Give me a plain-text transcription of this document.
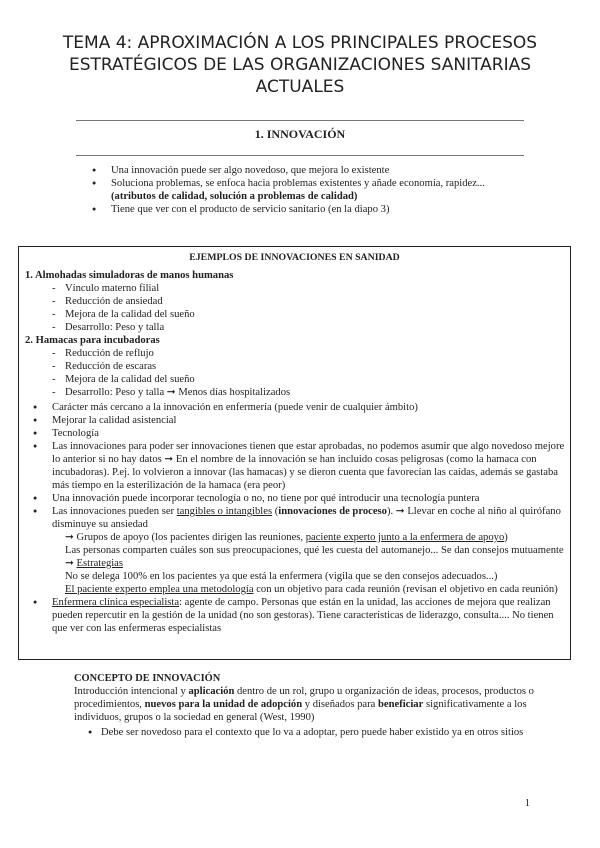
TEMA 4: APROXIMACIÓN A LOS PRINCIPALES PROCESOS
ESTRATÉGICOS DE LAS ORGANIZACIONES SANITARIAS
ACTUALES
1. INNOVACIÓN
● Una innovación puede ser algo novedoso, que mejora lo existente
● Soluciona problemas, se enfoca hacia problemas existentes y añade economía, rapidez...
(atributos de calidad, solución a problemas de calidad)
● Tiene que ver con el producto de servicio sanitario (en la diapo 3)
EJEMPLOS DE INNOVACIONES EN SANIDAD
1. Almohadas simuladoras de manos humanas
- Vínculo materno filial
- Reducción de ansiedad
- Mejora de la calidad del sueño
- Desarrollo: Peso y talla
2. Hamacas para incubadoras
- Reducción de reflujo
- Reducción de escaras
- Mejora de la calidad del sueño
- Desarrollo: Peso y talla ➞ Menos días hospitalizados
● Carácter más cercano a la innovación en enfermería (puede venir de cualquier ámbito)
● Mejorar la calidad asistencial
● Tecnología
● Las innovaciones para poder ser innovaciones tienen que estar aprobadas, no podemos asumir que algo novedoso mejore lo anterior si no hay datos ➞ En el nombre de la innovación se han incluido cosas peligrosas (como la hamaca con incubadoras). P.ej. lo volvieron a innovar (las hamacas) y se dieron cuenta que favorecían las caídas, además se gastaba más tiempo en la esterilización de la hamaca (era peor)
● Una innovación puede incorporar tecnología o no, no tiene por qué introducir una tecnología puntera
● Las innovaciones pueden ser tangibles o intangibles (innovaciones de proceso). ➞ Llevar en coche al niño al quirófano disminuye su ansiedad
➞ Grupos de apoyo (los pacientes dirigen las reuniones, paciente experto junto a la enfermera de apoyo)
Las personas comparten cuáles son sus preocupaciones, qué les cuesta del automanejo... Se dan consejos mutuamente ➞ Estrategias
No se delega 100% en los pacientes ya que está la enfermera (vigila que se den consejos adecuados...)
El paciente experto emplea una metodología con un objetivo para cada reunión (revisan el objetivo en cada reunión)
● Enfermera clínica especialista: agente de campo. Personas que están en la unidad, las acciones de mejora que realizan pueden repercutir en la gestión de la unidad (no son gestoras). Tiene características de liderazgo, consulta.... No tienen que ver con las enfermeras especialistas
CONCEPTO DE INNOVACIÓN
Introducción intencional y aplicación dentro de un rol, grupo u organización de ideas, procesos, productos o procedimientos, nuevos para la unidad de adopción y diseñados para beneficiar significativamente a los individuos, grupos o la sociedad en general (West, 1990)
● Debe ser novedoso para el contexto que lo va a adoptar, pero puede haber existido ya en otros sitios
1
